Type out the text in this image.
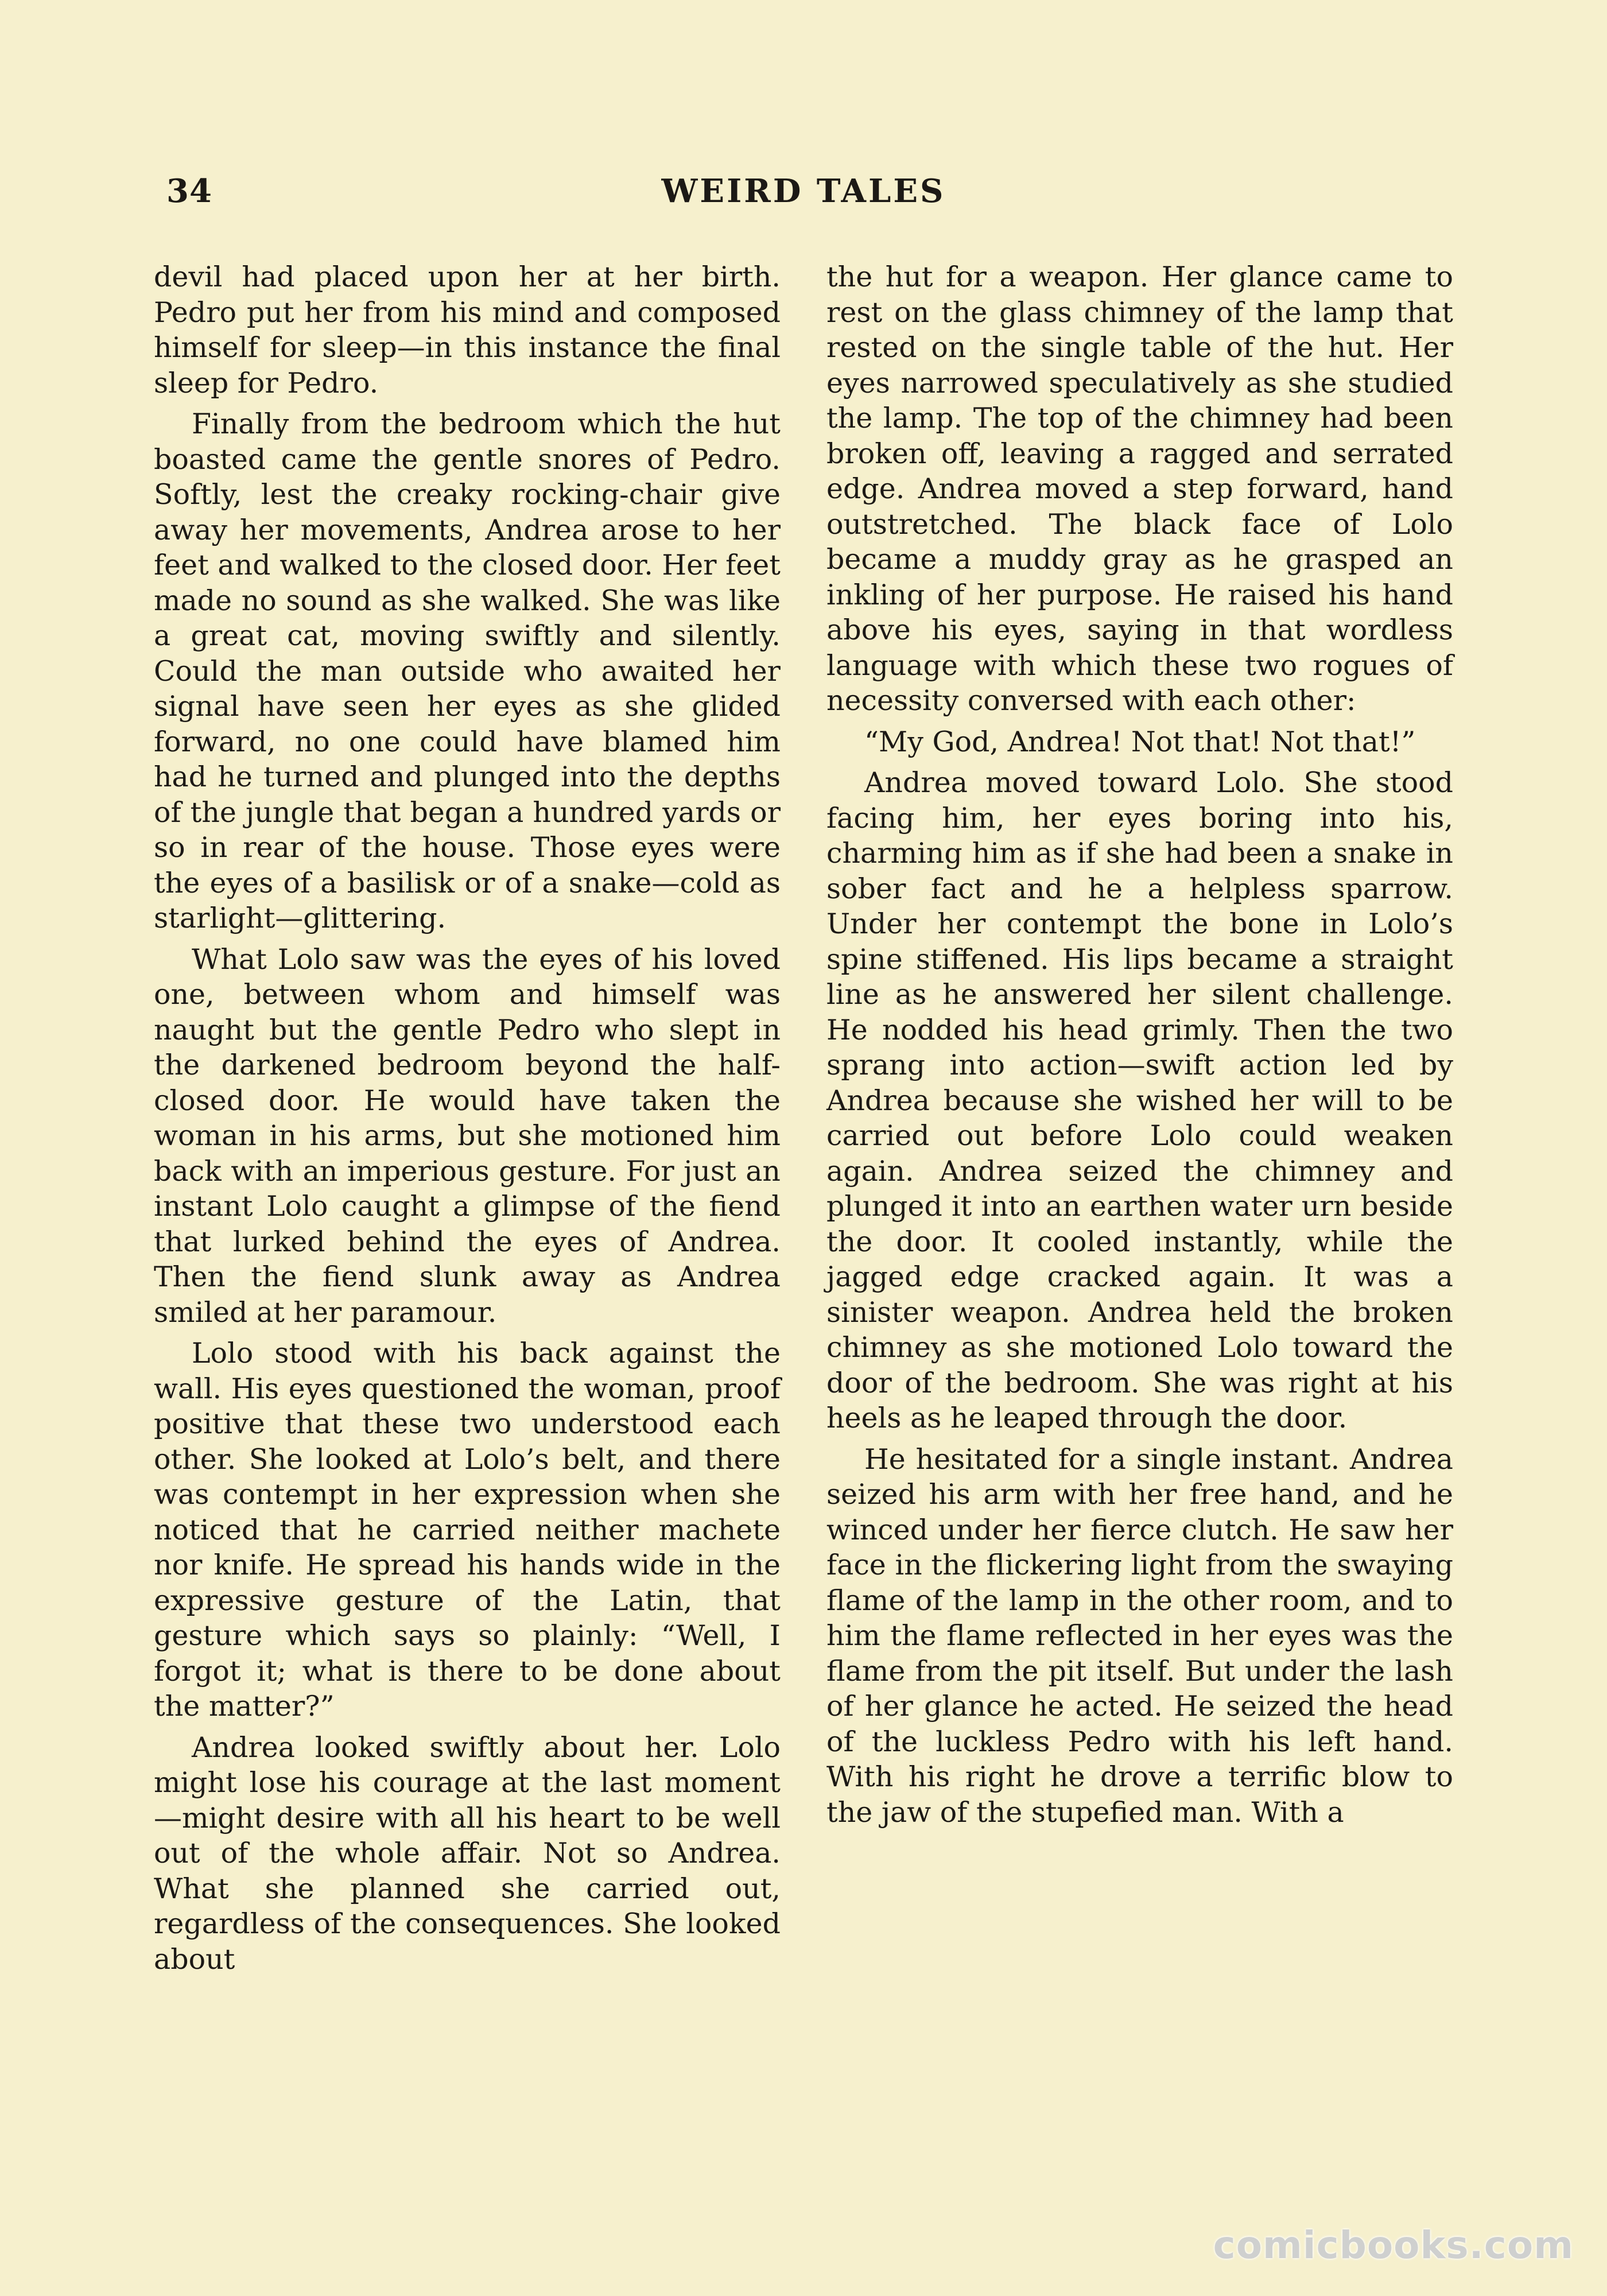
34	WEIRD TALES

devil had placed upon her at her birth. Pedro put her from his mind and composed himself for sleep—in this instance the final sleep for Pedro.

Finally from the bedroom which the hut boasted came the gentle snores of Pedro. Softly, lest the creaky rocking-chair give away her movements, Andrea arose to her feet and walked to the closed door. Her feet made no sound as she walked. She was like a great cat, moving swiftly and silently. Could the man outside who awaited her signal have seen her eyes as she glided forward, no one could have blamed him had he turned and plunged into the depths of the jungle that began a hundred yards or so in rear of the house. Those eyes were the eyes of a basilisk or of a snake—cold as starlight—glittering.

What Lolo saw was the eyes of his loved one, between whom and himself was naught but the gentle Pedro who slept in the darkened bedroom beyond the half-closed door. He would have taken the woman in his arms, but she motioned him back with an imperious gesture. For just an instant Lolo caught a glimpse of the fiend that lurked behind the eyes of Andrea. Then the fiend slunk away as Andrea smiled at her paramour.

Lolo stood with his back against the wall. His eyes questioned the woman, proof positive that these two understood each other. She looked at Lolo’s belt, and there was contempt in her expression when she noticed that he carried neither machete nor knife. He spread his hands wide in the expressive gesture of the Latin, that gesture which says so plainly: “Well, I forgot it; what is there to be done about the matter?”

Andrea looked swiftly about her. Lolo might lose his courage at the last moment—might desire with all his heart to be well out of the whole affair. Not so Andrea. What she planned she carried out, regardless of the consequences. She looked about

the hut for a weapon. Her glance came to rest on the glass chimney of the lamp that rested on the single table of the hut. Her eyes narrowed speculatively as she studied the lamp. The top of the chimney had been broken off, leaving a ragged and serrated edge. Andrea moved a step forward, hand outstretched. The black face of Lolo became a muddy gray as he grasped an inkling of her purpose. He raised his hand above his eyes, saying in that wordless language with which these two rogues of necessity conversed with each other:

“My God, Andrea! Not that! Not that!”

Andrea moved toward Lolo. She stood facing him, her eyes boring into his, charming him as if she had been a snake in sober fact and he a helpless sparrow. Under her contempt the bone in Lolo’s spine stiffened. His lips became a straight line as he answered her silent challenge. He nodded his head grimly. Then the two sprang into action—swift action led by Andrea because she wished her will to be carried out before Lolo could weaken again. Andrea seized the chimney and plunged it into an earthen water urn beside the door. It cooled instantly, while the jagged edge cracked again. It was a sinister weapon. Andrea held the broken chimney as she motioned Lolo toward the door of the bedroom. She was right at his heels as he leaped through the door.

He hesitated for a single instant. Andrea seized his arm with her free hand, and he winced under her fierce clutch. He saw her face in the flickering light from the swaying flame of the lamp in the other room, and to him the flame reflected in her eyes was the flame from the pit itself. But under the lash of her glance he acted. He seized the head of the luckless Pedro with his left hand. With his right he drove a terrific blow to the jaw of the stupefied man. With a

comicbooks.com
